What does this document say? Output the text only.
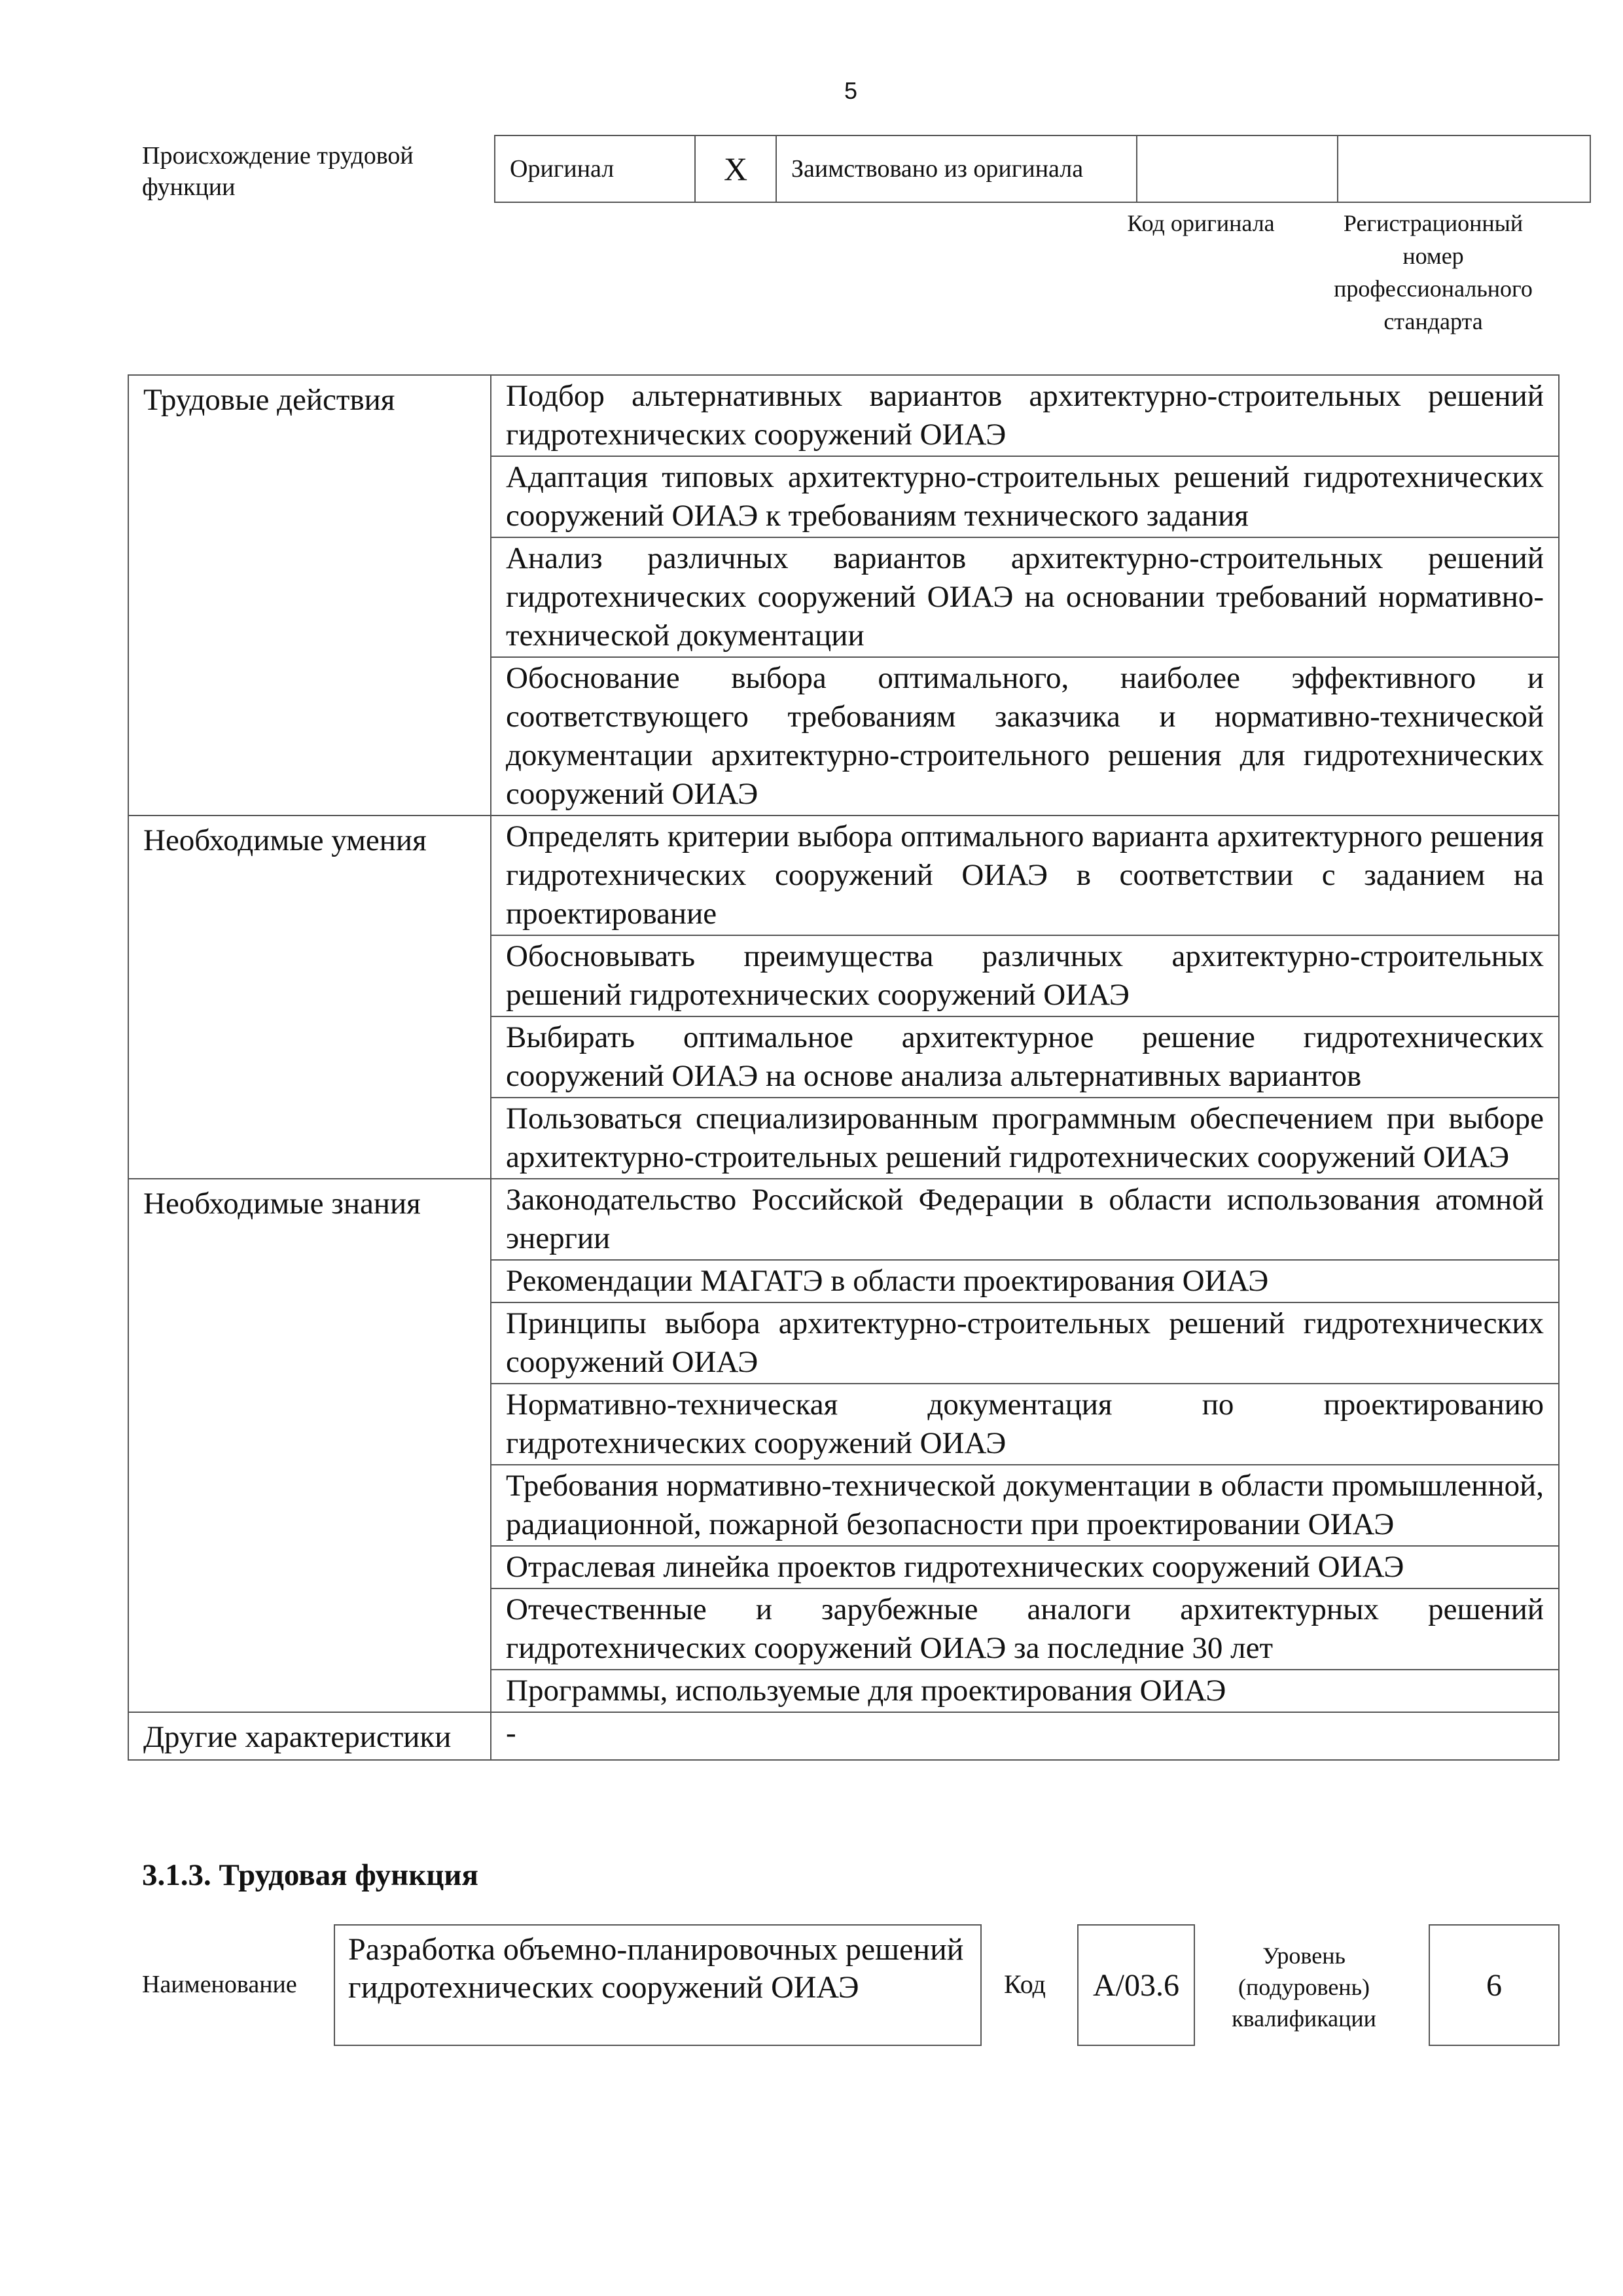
5
Происхождение трудовой функции
Оригинал	X	Заимствовано из оригинала		
Код оригинала	Регистрационный номер профессионального стандарта
Трудовые действия	Подбор альтернативных вариантов архитектурно-строительных решений гидротехнических сооружений ОИАЭ
	Адаптация типовых архитектурно-строительных решений гидротехнических сооружений ОИАЭ к требованиям технического задания
	Анализ различных вариантов архитектурно-строительных решений гидротехнических сооружений ОИАЭ на основании требований нормативно-технической документации
	Обоснование выбора оптимального, наиболее эффективного и соответствующего требованиям заказчика и нормативно-технической документации архитектурно-строительного решения для гидротехнических сооружений ОИАЭ
Необходимые умения	Определять критерии выбора оптимального варианта архитектурного решения гидротехнических сооружений ОИАЭ в соответствии с заданием на проектирование
	Обосновывать преимущества различных архитектурно-строительных решений гидротехнических сооружений ОИАЭ
	Выбирать оптимальное архитектурное решение гидротехнических сооружений ОИАЭ на основе анализа альтернативных вариантов
	Пользоваться специализированным программным обеспечением при выборе архитектурно-строительных решений гидротехнических сооружений ОИАЭ
Необходимые знания	Законодательство Российской Федерации в области использования атомной энергии
	Рекомендации МАГАТЭ в области проектирования ОИАЭ
	Принципы выбора архитектурно-строительных решений гидротехнических сооружений ОИАЭ
	Нормативно-техническая документация по проектированию гидротехнических сооружений ОИАЭ
	Требования нормативно-технической документации в области промышленной, радиационной, пожарной безопасности при проектировании ОИАЭ
	Отраслевая линейка проектов гидротехнических сооружений ОИАЭ
	Отечественные и зарубежные аналоги архитектурных решений гидротехнических сооружений ОИАЭ за последние 30 лет
	Программы, используемые для проектирования ОИАЭ
Другие характеристики	-
3.1.3. Трудовая функция
Наименование
Разработка объемно-планировочных решений гидротехнических сооружений ОИАЭ	Код	А/03.6
Уровень (подуровень) квалификации
6
